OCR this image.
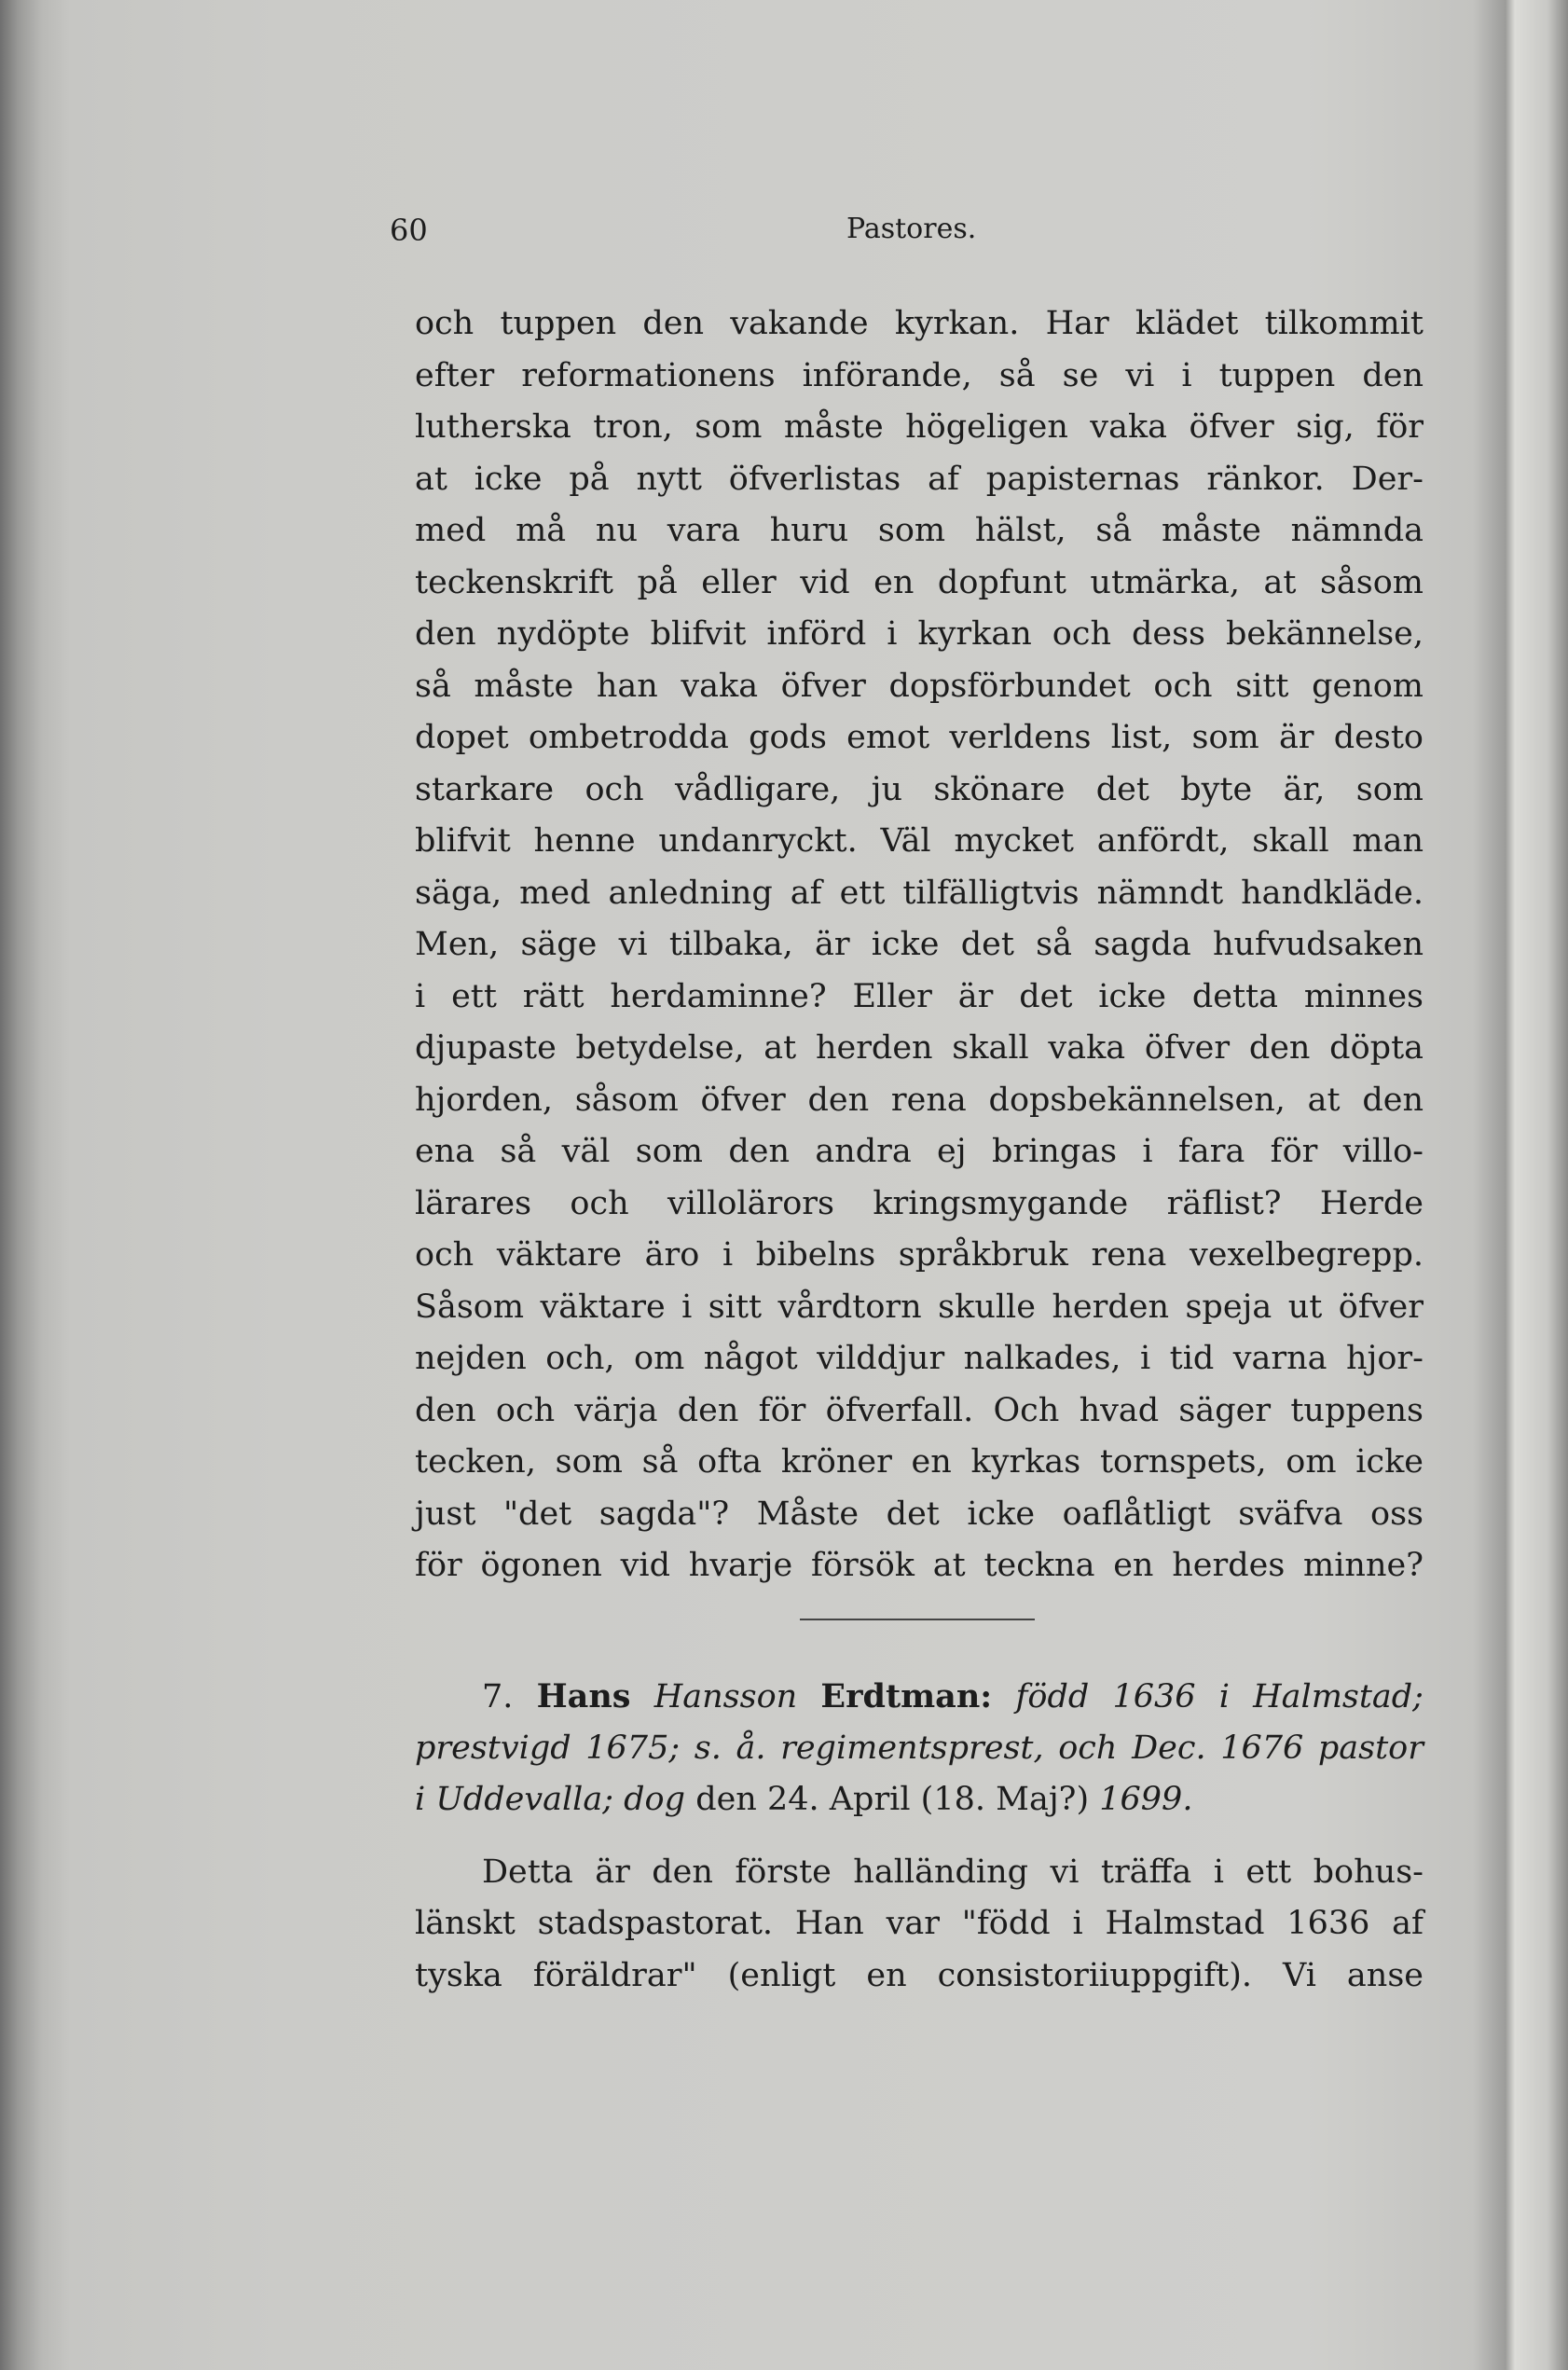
60	Pastores.
och tuppen den vakande kyrkan. Har klädet tilkommit
efter reformationens införande, så se vi i tuppen den
lutherska tron, som måste högeligen vaka öfver sig, för
at icke på nytt öfverlistas af papisternas ränkor. Der-
med må nu vara huru som hälst, så måste nämnda
teckenskrift på eller vid en dopfunt utmärka, at såsom
den nydöpte blifvit införd i kyrkan och dess bekännelse,
så måste han vaka öfver dopsförbundet och sitt genom
dopet ombetrodda gods emot verldens list, som är desto
starkare och vådligare, ju skönare det byte är, som
blifvit henne undanryckt. Väl mycket anfördt, skall man
säga, med anledning af ett tilfälligtvis nämndt handkläde.
Men, säge vi tilbaka, är icke det så sagda hufvudsaken
i ett rätt herdaminne? Eller är det icke detta minnes
djupaste betydelse, at herden skall vaka öfver den döpta
hjorden, såsom öfver den rena dopsbekännelsen, at den
ena så väl som den andra ej bringas i fara för villo-
lärares och villolärors kringsmygande räflist? Herde
och väktare äro i bibelns språkbruk rena vexelbegrepp.
Såsom väktare i sitt vårdtorn skulle herden speja ut öfver
nejden och, om något vilddjur nalkades, i tid varna hjor-
den och värja den för öfverfall. Och hvad säger tuppens
tecken, som så ofta kröner en kyrkas tornspets, om icke
just "det sagda"? Måste det icke oaflåtligt sväfva oss
för ögonen vid hvarje försök at teckna en herdes minne?
7. Hans Hansson Erdtman: född 1636 i Halmstad;
prestvigd 1675; s. å. regimentsprest, och Dec. 1676 pastor
i Uddevalla; dog den 24. April (18. Maj?) 1699.
Detta är den förste halländing vi träffa i ett bohus-
länskt stadspastorat. Han var "född i Halmstad 1636 af
tyska föräldrar" (enligt en consistoriiuppgift). Vi anse
